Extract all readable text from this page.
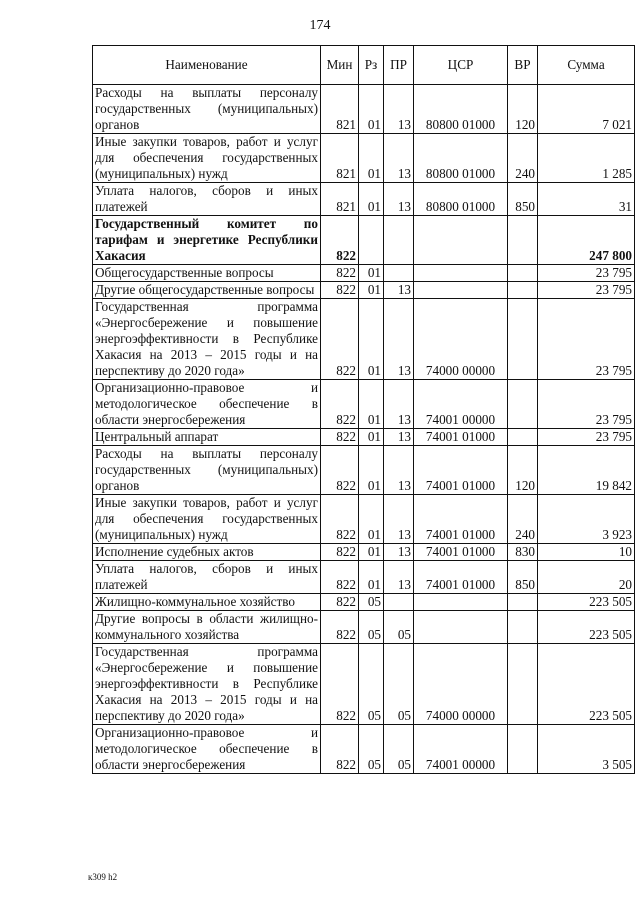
174
Наименование	Мин	Рз	ПР	ЦСР	ВР	Сумма
Расходы на выплаты персоналу государственных (муниципальных) органов	821	01	13	80800 01000	120	7 021
Иные закупки товаров, работ и услуг для обеспечения государственных (муниципальных) нужд	821	01	13	80800 01000	240	1 285
Уплата налогов, сборов и иных платежей	821	01	13	80800 01000	850	31
Государственный комитет по тарифам и энергетике Республики Хакасия	822					247 800
Общегосударственные вопросы	822	01				23 795
Другие общегосударственные вопросы	822	01	13			23 795
Государственная программа «Энергосбережение и повышение энергоэффективности в Республике Хакасия на 2013 – 2015 годы и на перспективу до 2020 года»	822	01	13	74000 00000		23 795
Организационно-правовое и методологическое обеспечение в области энергосбережения	822	01	13	74001 00000		23 795
Центральный аппарат	822	01	13	74001 01000		23 795
Расходы на выплаты персоналу государственных (муниципальных) органов	822	01	13	74001 01000	120	19 842
Иные закупки товаров, работ и услуг для обеспечения государственных (муниципальных) нужд	822	01	13	74001 01000	240	3 923
Исполнение судебных актов	822	01	13	74001 01000	830	10
Уплата налогов, сборов и иных платежей	822	01	13	74001 01000	850	20
Жилищно-коммунальное хозяйство	822	05				223 505
Другие вопросы в области жилищно-коммунального хозяйства	822	05	05			223 505
Государственная программа «Энергосбережение и повышение энергоэффективности в Республике Хакасия на 2013 – 2015 годы и на перспективу до 2020 года»	822	05	05	74000 00000		223 505
Организационно-правовое и методологическое обеспечение в области энергосбережения	822	05	05	74001 00000		3 505
к309 h2
